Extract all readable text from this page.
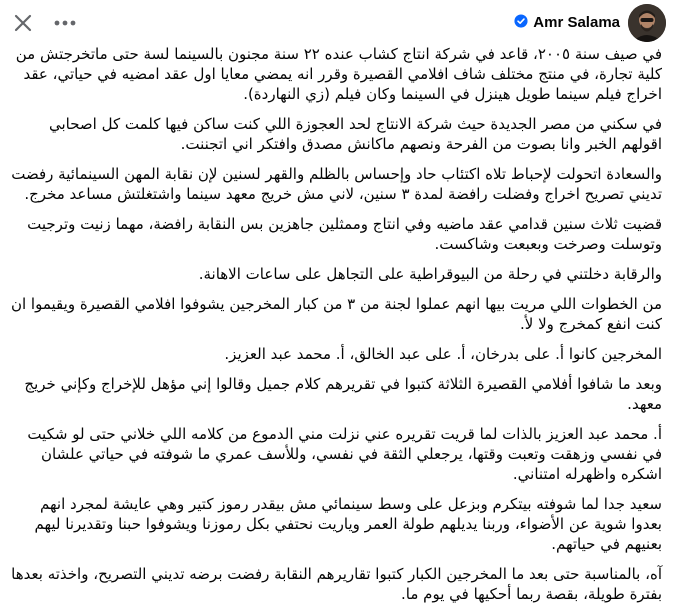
Amr Salama

في صيف سنة ٢٠٠٥، قاعد في شركة انتاج كشاب عنده ٢٢ سنة مجنون بالسينما لسة حتى ماتخرجتش من كلية تجارة، في منتج مختلف شاف افلامي القصيرة وقرر انه يمضي معايا اول عقد امضيه في حياتي، عقد اخراج فيلم سينما طويل هينزل في السينما وكان فيلم (زي النهاردة).

في سكني من مصر الجديدة حيث شركة الانتاج لحد العجوزة اللي كنت ساكن فيها كلمت كل اصحابي اقولهم الخبر وانا بصوت من الفرحة ونصهم ماكانش مصدق وافتكر اني اتجننت.

والسعادة اتحولت لإحباط تلاه اكتئاب حاد وإحساس بالظلم والقهر لسنين لإن نقابة المهن السينمائية رفضت تديني تصريح اخراج وفضلت رافضة لمدة ٣ سنين، لاني مش خريج معهد سينما واشتغلتش مساعد مخرج.

قضيت ثلاث سنين قدامي عقد ماضيه وفي انتاج وممثلين جاهزين بس النقابة رافضة، مهما زنيت وترجيت وتوسلت وصرخت وبعبعت وشاكست.

والرقابة دخلتني في رحلة من البيوقراطية على التجاهل على ساعات الاهانة.

من الخطوات اللي مريت بيها انهم عملوا لجنة من ٣ من كبار المخرجين يشوفوا افلامي القصيرة ويقيموا ان كنت انفع كمخرج ولا لأ.

المخرجين كانوا أ. على بدرخان، أ. على عبد الخالق، أ. محمد عبد العزيز.

وبعد ما شافوا أفلامي القصيرة الثلاثة كتبوا في تقريرهم كلام جميل وقالوا إني مؤهل للإخراج وكإني خريج معهد.

أ. محمد عبد العزيز بالذات لما قريت تقريره عني نزلت مني الدموع من كلامه اللي خلاني حتى لو شكيت في نفسي وزهقت وتعبت وقتها، يرجعلي الثقة في نفسي، وللأسف عمري ما شوفته في حياتي علشان اشكره واظهرله امتناني.

سعيد جدا لما شوفته بيتكرم وبزعل على وسط سينمائي مش بيقدر رموز كتير وهي عايشة لمجرد انهم بعدوا شوية عن الأضواء، وربنا يديلهم طولة العمر وياريت نحتفي بكل رموزنا ويشوفوا حبنا وتقديرنا ليهم بعنيهم في حياتهم.

آه، بالمناسبة حتى بعد ما المخرجين الكبار كتبوا تقاريرهم النقابة رفضت برضه تديني التصريح، واخذته بعدها بفترة طويلة، بقصة ربما أحكيها في يوم ما.
